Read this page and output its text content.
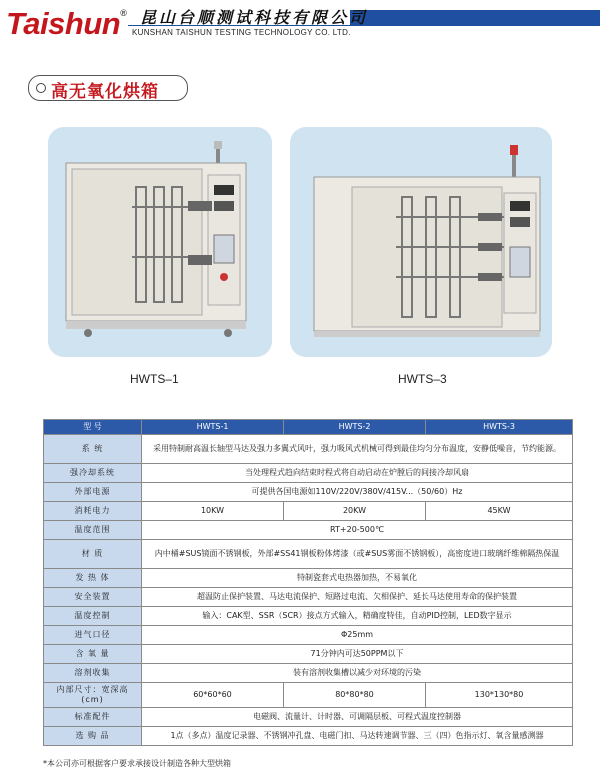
Taishun® 昆山台顺测试科技有限公司
KUNSHAN TAISHUN TESTING TECHNOLOGY CO. LTD.
高无氧化烘箱
HWTS–1	HWTS–3
型 号	HWTS-1	HWTS-2	HWTS-3
系 统	采用特制耐高温长轴型马达及强力多翼式风叶，强力吸风式机械可得到最佳均匀分布温度，安静低噪音，节约能源。		
强冷却系统	当处理程式趋向结束时程式将自动启动在炉膛后的间接冷却风扇		
外部电源	可提供各国电源如110V/220V/380V/415V...（50/60）Hz		
消耗电力	10KW	20KW	45KW
温度范围	RT+20-500℃		
材 质	内中桶#SUS镜面不锈钢板，外部#SS41钢板粉体烤漆（或#SUS雾面不锈钢板），高密度进口玻璃纤维棉隔热保温		
发 热 体	特制瓷套式电热器加热，不易氧化		
安全装置	超温防止保护装置、马达电流保护、短路过电流、欠相保护、延长马达使用寿命的保护装置		
温度控制	输入：CAK型、SSR（SCR）接点方式输入，精确度特佳，自动PID控制，LED数字显示		
进气口径	Φ25mm		
含 氧 量	71分钟内可达50PPM以下		
溶剂收集	装有溶剂收集槽以减少对环境的污染		
内部尺寸：宽深高(cm)	60*60*60	80*80*80	130*130*80
标准配件	电磁阀、流量计、计时器、可调隔层板、可程式温度控制器		
选 购 品	1点（多点）温度记录器、不锈钢冲孔盘、电磁门扣、马达转速调节器、三（四）色指示灯、氧含量感测器		
*本公司亦可根据客户要求承接设计制造各种大型烘箱
